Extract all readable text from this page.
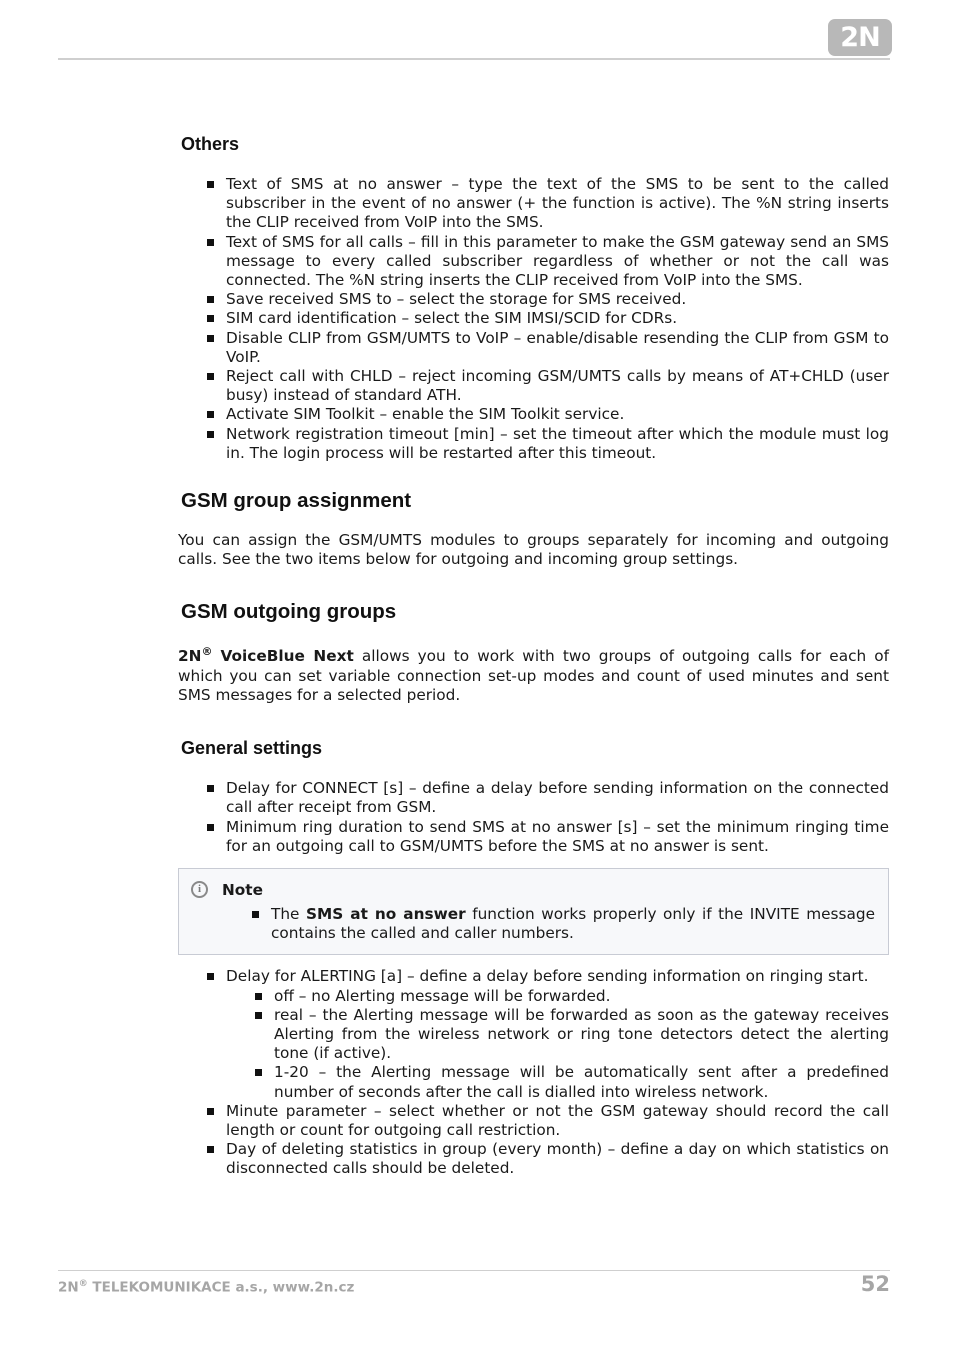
2N
Others
Text of SMS at no answer – type the text of the SMS to be sent to the called subscriber in the event of no answer (+ the function is active). The %N string inserts the CLIP received from VoIP into the SMS.
Text of SMS for all calls – fill in this parameter to make the GSM gateway send an SMS message to every called subscriber regardless of whether or not the call was connected. The %N string inserts the CLIP received from VoIP into the SMS.
Save received SMS to – select the storage for SMS received.
SIM card identification – select the SIM IMSI/SCID for CDRs.
Disable CLIP from GSM/UMTS to VoIP – enable/disable resending the CLIP from GSM to VoIP.
Reject call with CHLD – reject incoming GSM/UMTS calls by means of AT+CHLD (user busy) instead of standard ATH.
Activate SIM Toolkit – enable the SIM Toolkit service.
Network registration timeout [min] – set the timeout after which the module must log in. The login process will be restarted after this timeout.
GSM group assignment

You can assign the GSM/UMTS modules to groups separately for incoming and outgoing calls. See the two items below for outgoing and incoming group settings.

GSM outgoing groups

2N® VoiceBlue Next allows you to work with two groups of outgoing calls for each of which you can set variable connection set-up modes and count of used minutes and sent SMS messages for a selected period.

General settings
Delay for CONNECT [s] – define a delay before sending information on the connected call after receipt from GSM.
Minimum ring duration to send SMS at no answer [s] – set the minimum ringing time for an outgoing call to GSM/UMTS before the SMS at no answer is sent.
i	Note
The SMS at no answer function works properly only if the INVITE message contains the called and caller numbers.
Delay for ALERTING [a] – define a delay before sending information on ringing start.
off – no Alerting message will be forwarded.
real – the Alerting message will be forwarded as soon as the gateway receives Alerting from the wireless network or ring tone detectors detect the alerting tone (if active).
1-20 – the Alerting message will be automatically sent after a predefined number of seconds after the call is dialled into wireless network.
Minute parameter – select whether or not the GSM gateway should record the call length or count for outgoing call restriction.
Day of deleting statistics in group (every month) – define a day on which statistics on disconnected calls should be deleted.
2N® TELEKOMUNIKACE a.s., www.2n.cz	52
